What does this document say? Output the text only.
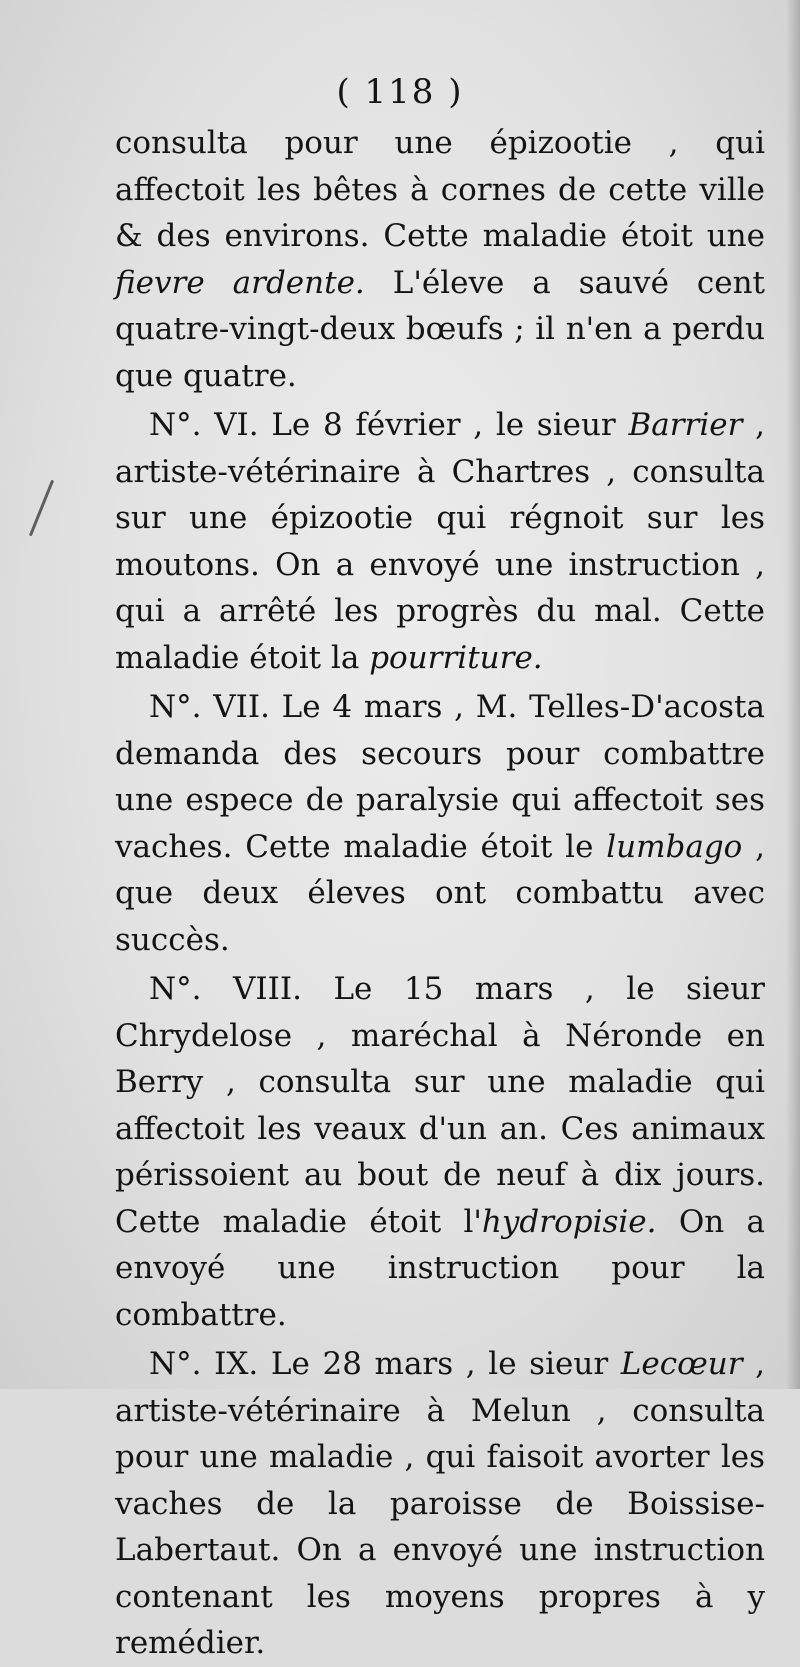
( 118 )

consulta pour une épizootie , qui affectoit les bêtes à cornes de cette ville & des environs. Cette maladie étoit une fievre ardente. L'éleve a sauvé cent quatre-vingt-deux bœufs ; il n'en a perdu que quatre.

N°. VI. Le 8 février , le sieur Barrier , artiste-vétérinaire à Chartres , consulta sur une épizootie qui régnoit sur les moutons. On a envoyé une instruction , qui a arrêté les progrès du mal. Cette maladie étoit la pourriture.

N°. VII. Le 4 mars , M. Telles-D'acosta demanda des secours pour combattre une espece de paralysie qui affectoit ses vaches. Cette maladie étoit le lumbago , que deux éleves ont combattu avec succès.

N°. VIII. Le 15 mars , le sieur Chrydelose , maréchal à Néronde en Berry , consulta sur une maladie qui affectoit les veaux d'un an. Ces animaux périssoient au bout de neuf à dix jours. Cette maladie étoit l'hydropisie. On a envoyé une instruction pour la combattre.

N°. IX. Le 28 mars , le sieur Lecœur , artiste-vétérinaire à Melun , consulta pour une maladie , qui faisoit avorter les vaches de la paroisse de Boissise-Labertaut. On a envoyé une instruction contenant les moyens propres à y remédier.
